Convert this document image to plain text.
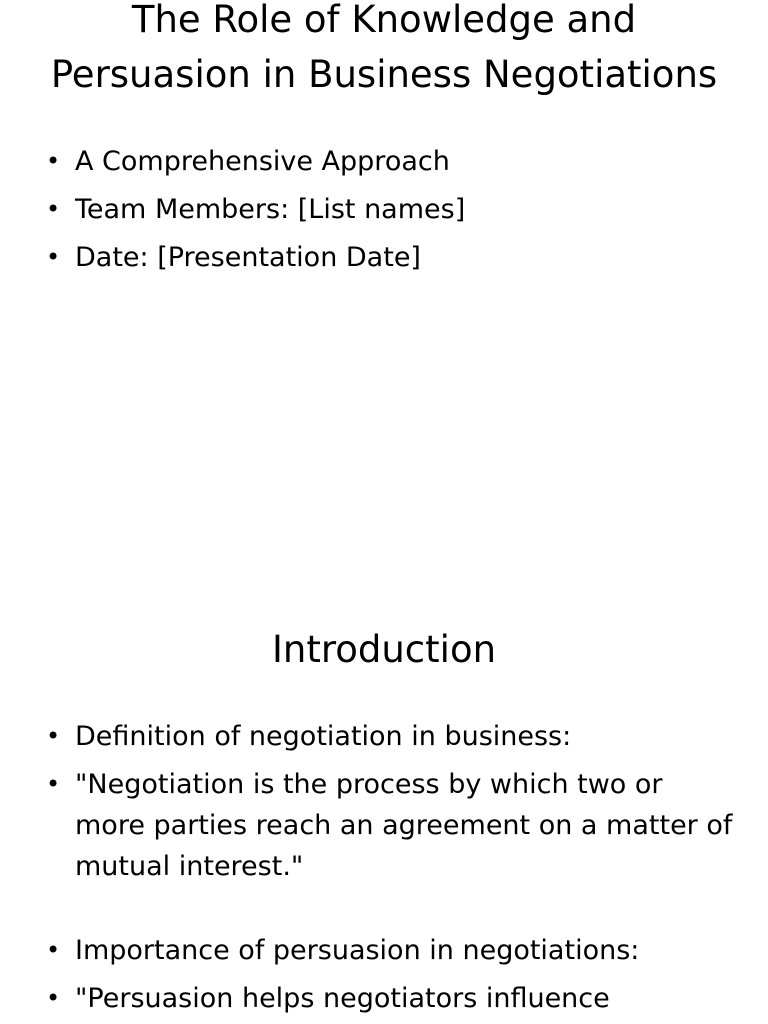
The Role of Knowledge and Persuasion in Business Negotiations
• A Comprehensive Approach
• Team Members: [List names]
• Date: [Presentation Date]
Introduction
• Definition of negotiation in business:
• "Negotiation is the process by which two or more parties reach an agreement on a matter of mutual interest."
• Importance of persuasion in negotiations:
• "Persuasion helps negotiators influence
